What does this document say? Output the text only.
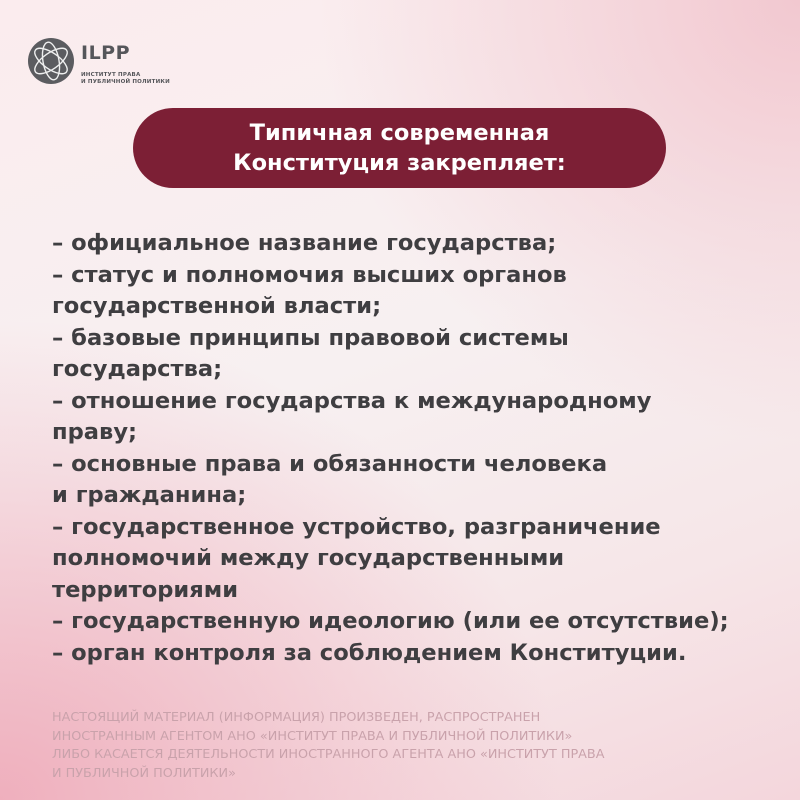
ILPP
ИНСТИТУТ ПРАВА
И ПУБЛИЧНОЙ ПОЛИТИКИ
Типичная современная
Конституция закрепляет:
– официальное название государства;
– статус и полномочия высших органов
государственной власти;
– базовые принципы правовой системы
государства;
– отношение государства к международному
праву;
– основные права и обязанности человека
и гражданина;
– государственное устройство, разграничение
полномочий между государственными
территориями
– государственную идеологию (или ее отсутствие);
– орган контроля за соблюдением Конституции.
НАСТОЯЩИЙ МАТЕРИАЛ (ИНФОРМАЦИЯ) ПРОИЗВЕДЕН, РАСПРОСТРАНЕН
ИНОСТРАННЫМ АГЕНТОМ АНО «ИНСТИТУТ ПРАВА И ПУБЛИЧНОЙ ПОЛИТИКИ»
ЛИБО КАСАЕТСЯ ДЕЯТЕЛЬНОСТИ ИНОСТРАННОГО АГЕНТА АНО «ИНСТИТУТ ПРАВА
И ПУБЛИЧНОЙ ПОЛИТИКИ»
